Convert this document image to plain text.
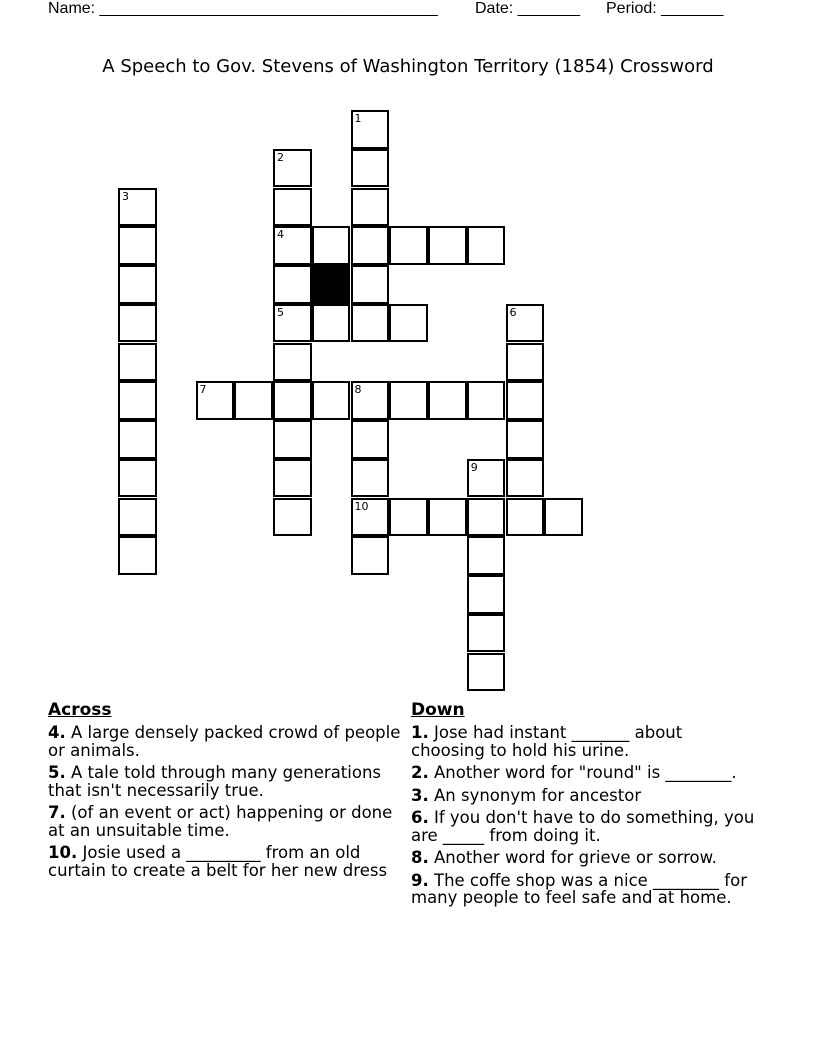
Name: ______________________________________ Date: _______ Period: _______
A Speech to Gov. Stevens of Washington Territory (1854) Crossword
1
2
4
5
3
6
7	8
10
9
Across
4. A large densely packed crowd of people or animals.
5. A tale told through many generations that isn't necessarily true.
7. (of an event or act) happening or done at an unsuitable time.
10. Josie used a _________ from an old curtain to create a belt for her new dress
Down
1. Jose had instant _______ about choosing to hold his urine.
2. Another word for "round" is ________.
3. An synonym for ancestor
6. If you don't have to do something, you are _____ from doing it.
8. Another word for grieve or sorrow.
9. The coffe shop was a nice ________ for many people to feel safe and at home.
